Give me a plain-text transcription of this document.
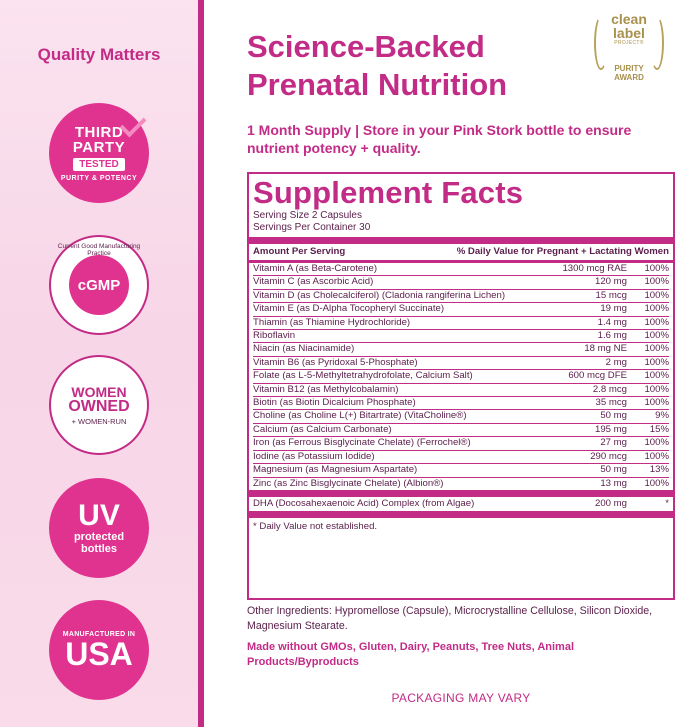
Quality Matters
THIRD
PARTY
TESTED
PURITY & POTENCY
Current Good Manufacturing Practice
cGMP
WOMEN
OWNED
+ WOMEN-RUN
UV
protected
bottles
MANUFACTURED IN
USA
Science-Backed
Prenatal Nutrition
clean
label
PROJECT®
PURITY
AWARD
1 Month Supply | Store in your Pink Stork bottle to ensure nutrient potency + quality.
Supplement Facts
Serving Size 2 Capsules
Servings Per Container 30
Amount Per Serving	% Daily Value for Pregnant + Lactating Women
Vitamin A (as Beta-Carotene)	1300 mcg RAE	100%
Vitamin C (as Ascorbic Acid)	120 mg	100%
Vitamin D (as Cholecalciferol) (Cladonia rangiferina Lichen)	15 mcg	100%
Vitamin E (as D-Alpha Tocopheryl Succinate)	19 mg	100%
Thiamin (as Thiamine Hydrochloride)	1.4 mg	100%
Riboflavin	1.6 mg	100%
Niacin (as Niacinamide)	18 mg NE	100%
Vitamin B6 (as Pyridoxal 5-Phosphate)	2 mg	100%
Folate (as L-5-Methyltetrahydrofolate, Calcium Salt)	600 mcg DFE	100%
Vitamin B12 (as Methylcobalamin)	2.8 mcg	100%
Biotin (as Biotin Dicalcium Phosphate)	35 mcg	100%
Choline (as Choline L(+) Bitartrate) (VitaCholine®)	50 mg	9%
Calcium (as Calcium Carbonate)	195 mg	15%
Iron (as Ferrous Bisglycinate Chelate) (Ferrochel®)	27 mg	100%
Iodine (as Potassium Iodide)	290 mcg	100%
Magnesium (as Magnesium Aspartate)	50 mg	13%
Zinc (as Zinc Bisglycinate Chelate) (Albion®)	13 mg	100%
DHA (Docosahexaenoic Acid) Complex (from Algae)	200 mg	*
* Daily Value not established.
Other Ingredients: Hypromellose (Capsule), Microcrystalline Cellulose, Silicon Dioxide, Magnesium Stearate.
Made without GMOs, Gluten, Dairy, Peanuts, Tree Nuts, Animal Products/Byproducts
PACKAGING MAY VARY
